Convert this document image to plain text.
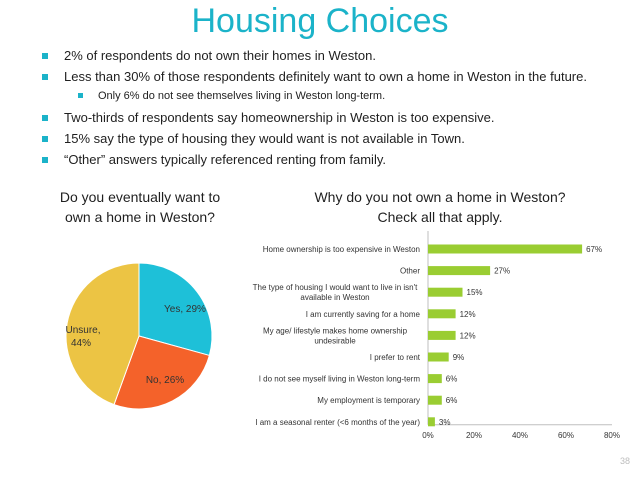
Housing Choices
2% of respondents do not own their homes in Weston.
Less than 30% of those respondents definitely want to own a home in Weston in the future.
Only 6% do not see themselves living in Weston long-term.
Two-thirds of respondents say homeownership in Weston is too expensive.
15% say the type of housing they would want is not available in Town.
“Other” answers typically referenced renting from family.
Do you eventually want to own a home in Weston?
Why do you not own a home in Weston? Check all that apply.
Yes, 29%
No, 26%
Unsure,
44%
67%
Home ownership is too expensive in Weston
27%
Other
15%
The type of housing I would want to live in isn't
available in Weston
12%
I am currently saving for a home
12%
My age/ lifestyle makes home ownership
undesirable
9%
I prefer to rent
6%
I do not see myself living in Weston long-term
6%
My employment is temporary
3%
I am a seasonal renter (<6 months of the year)
0%	20%	40%	60%	80%
38
